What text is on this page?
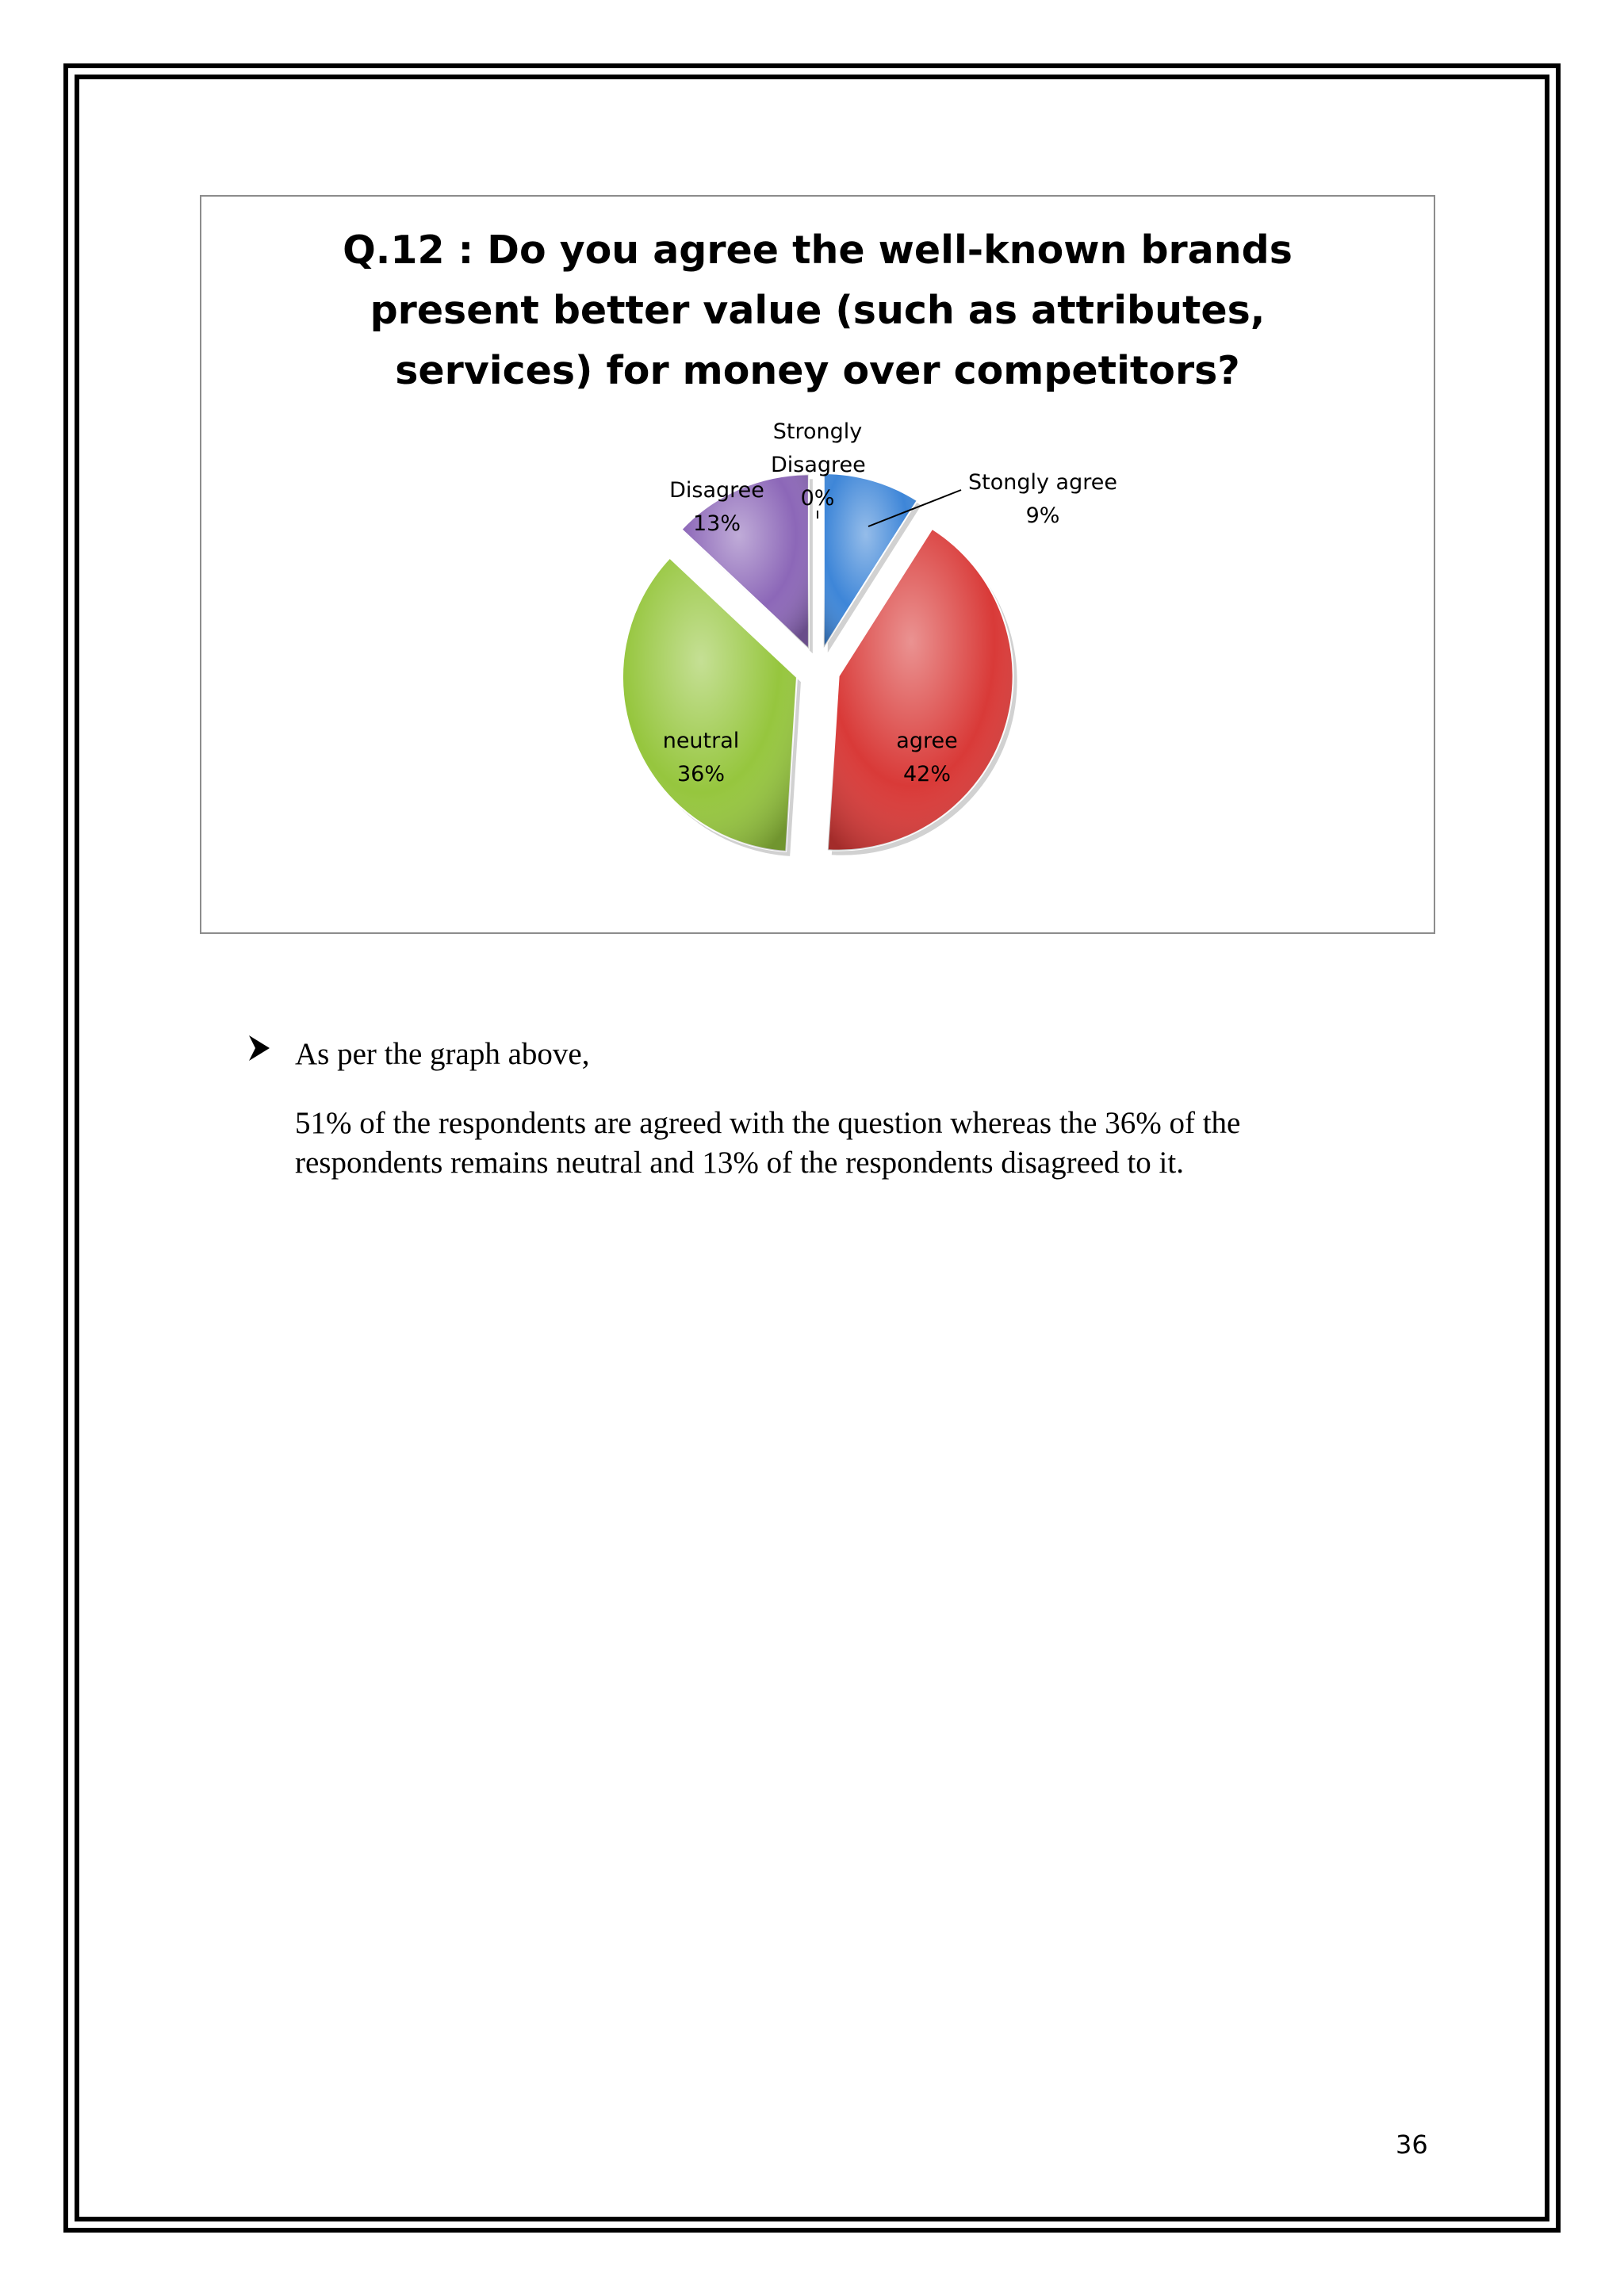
Q.12 : Do you agree the well-known brands
present better value (such as attributes,
services) for money over competitors?
Strongly
Disagree
0%
Disagree
13%
Stongly agree
9%
neutral
36%
agree
42%
As per the graph above,
51% of the respondents are agreed with the question whereas the 36% of the respondents remains neutral and 13% of the respondents disagreed to it.
36
